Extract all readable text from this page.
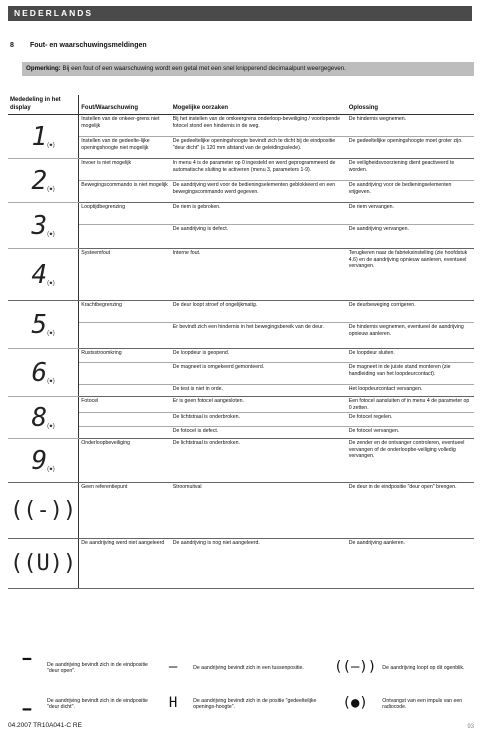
NEDERLANDS
8 Fout- en waarschuwingsmeldingen
Opmerking: Bij een fout of een waarschuwing wordt een getal met een snel knipperend decimaalpunt weergegeven.
Mededeling in het display	Fout/Waarschuwing	Mogelijke oorzaken	Oplossing
1(●)	Instellen van de onkeer-grens niet mogelijk	Bij het instellen van de omkeergrens onderloop-beveiliging / voorlopende fotocel stond een hindernis in de weg.	De hindernis wegnemen.
	Instellen van de gedeelte-lijke openingshoogte niet mogelijk	De gedeeltelijke openingshoogte bevindt zich te dicht bij de eindpositie "deur dicht" (≤ 120 mm afstand van de geleidingsslede).	De gedeeltelijke openingshoogte moet groter zijn.
2(●)	Invoer is niet mogelijk	In menu 4 is de parameter op 0 ingesteld en werd geprogrammeerd de automatische sluiting te activeren (menu 3, parameters 1-9).	De veiligheidsvoorziening dient geactiveerd te worden.
	Bewegingscommando is niet mogelijk	De aandrijving werd voor de bedieningselementen geblokkeerd en een bewegingscommando werd gegeven.	De aandrijving voor de bedieningselementen vrijgeven.
3(●)	Looptijdbegrenzing	De riem is gebroken.	De riem vervangen.
		De aandrijving is defect.	De aandrijving vervangen.
4(●)	Systeemfout	Interne fout.	Terugkeren naar de fabrieksinstelling (zie hoofdstuk 4.6) en de aandrijving opnieuw aanleren, eventueel vervangen.
5(●)	Krachtbegrenzing	De deur loopt stroef of ongelijkmatig.	De deurbeweging corrigeren.
		Er bevindt zich een hindernis in het bewegingsbereik van de deur.	De hindernis wegnemen, eventueel de aandrijving opnieuw aanleren.
6(●)	Rustsstroomkring	De loopdeur is geopend.	De loopdeur sluiten.
		De magneet is omgekeerd gemonteerd.	De magneet in de juiste stand monteren (zie handleiding van het loopdeurcontact).
		De test is niet in orde.	Het loopdeurcontact vervangen.
8(●)	Fotocel	Er is geen fotocel aangesloten.	Een fotocel aansluiten of in menu 4 de parameter op 0 zetten.
		De lichtstraal is onderbroken.	De fotocel regelen.
		De fotocel is defect.	De fotocel vervangen.
9(●)	Onderloopbeveiliging	De lichtstraal is onderbroken.	De zender en de ontvanger controleren, eventueel vervangen of de onderloopbe-veiliging volledig vervangen.
((-))	Geen referentiepunt	Stroomuitval	De deur in de eindpositie "deur open" brengen.
((U))	De aandrijving werd niet aangeleerd	De aandrijving is nog niet aangeleerd.	De aandrijving aanleren.
▔	De aandrijving bevindt zich in de eindpositie "deur open".	–	De aandrijving bevindt zich in een tussenpositie.	((–))	De aandrijving loopt op dit ogenblik.
▁	De aandrijving bevindt zich in de eindpositie "deur dicht".	H	De aandrijving bevindt zich in de positie "gedeeltelijke openings-hoogte".	(●)	Ontvangst van een impuls van een radiocode.
04.2007 TR10A041-C RE	93
